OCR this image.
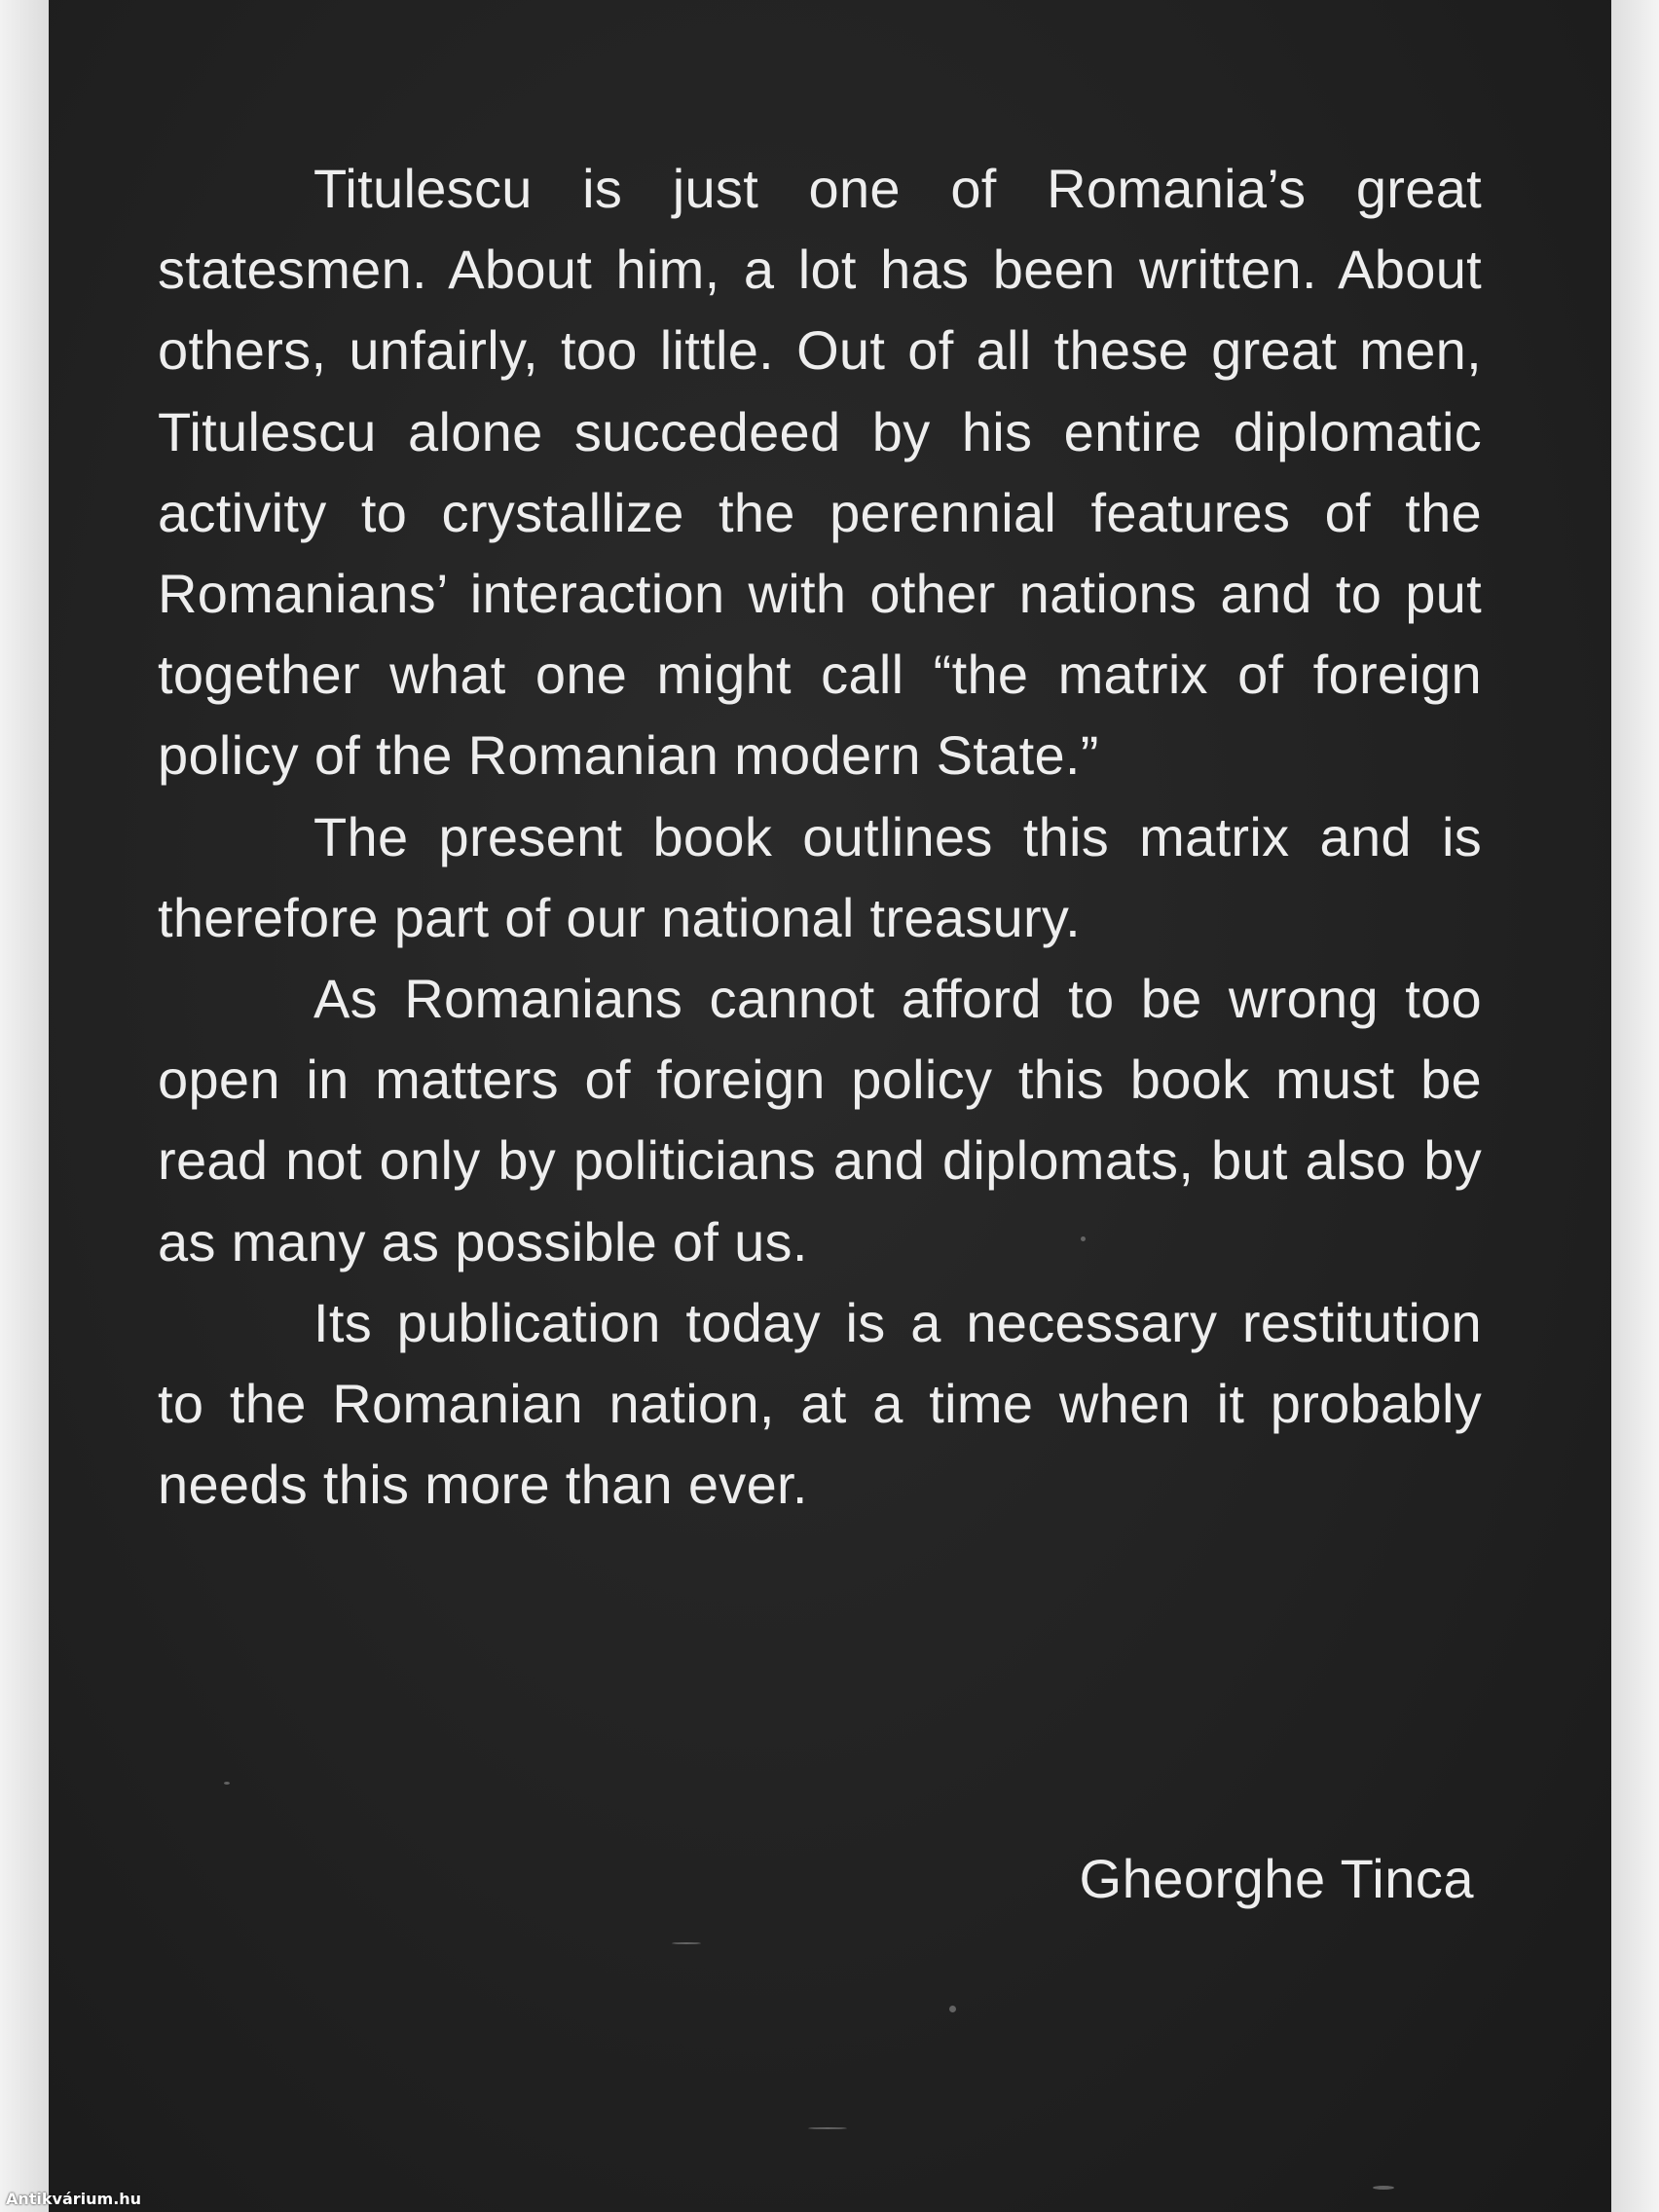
Titulescu is just one of Romania’s great statesmen. About him, a lot has been written. About others, unfairly, too little. Out of all these great men, Titulescu alone succedeed by his entire diplomatic activity to crystallize the perennial features of the Romanians’ interaction with other nations and to put together what one might call “the matrix of foreign policy of the Romanian modern State.”

The present book outlines this matrix and is therefore part of our national treasury.

As Romanians cannot afford to be wrong too open in matters of foreign policy this book must be read not only by politicians and diplomats, but also by as many as possible of us.

Its publication today is a necessary restitution to the Romanian nation, at a time when it probably needs this more than ever.

Gheorghe Tinca
Antikvárium.hu
